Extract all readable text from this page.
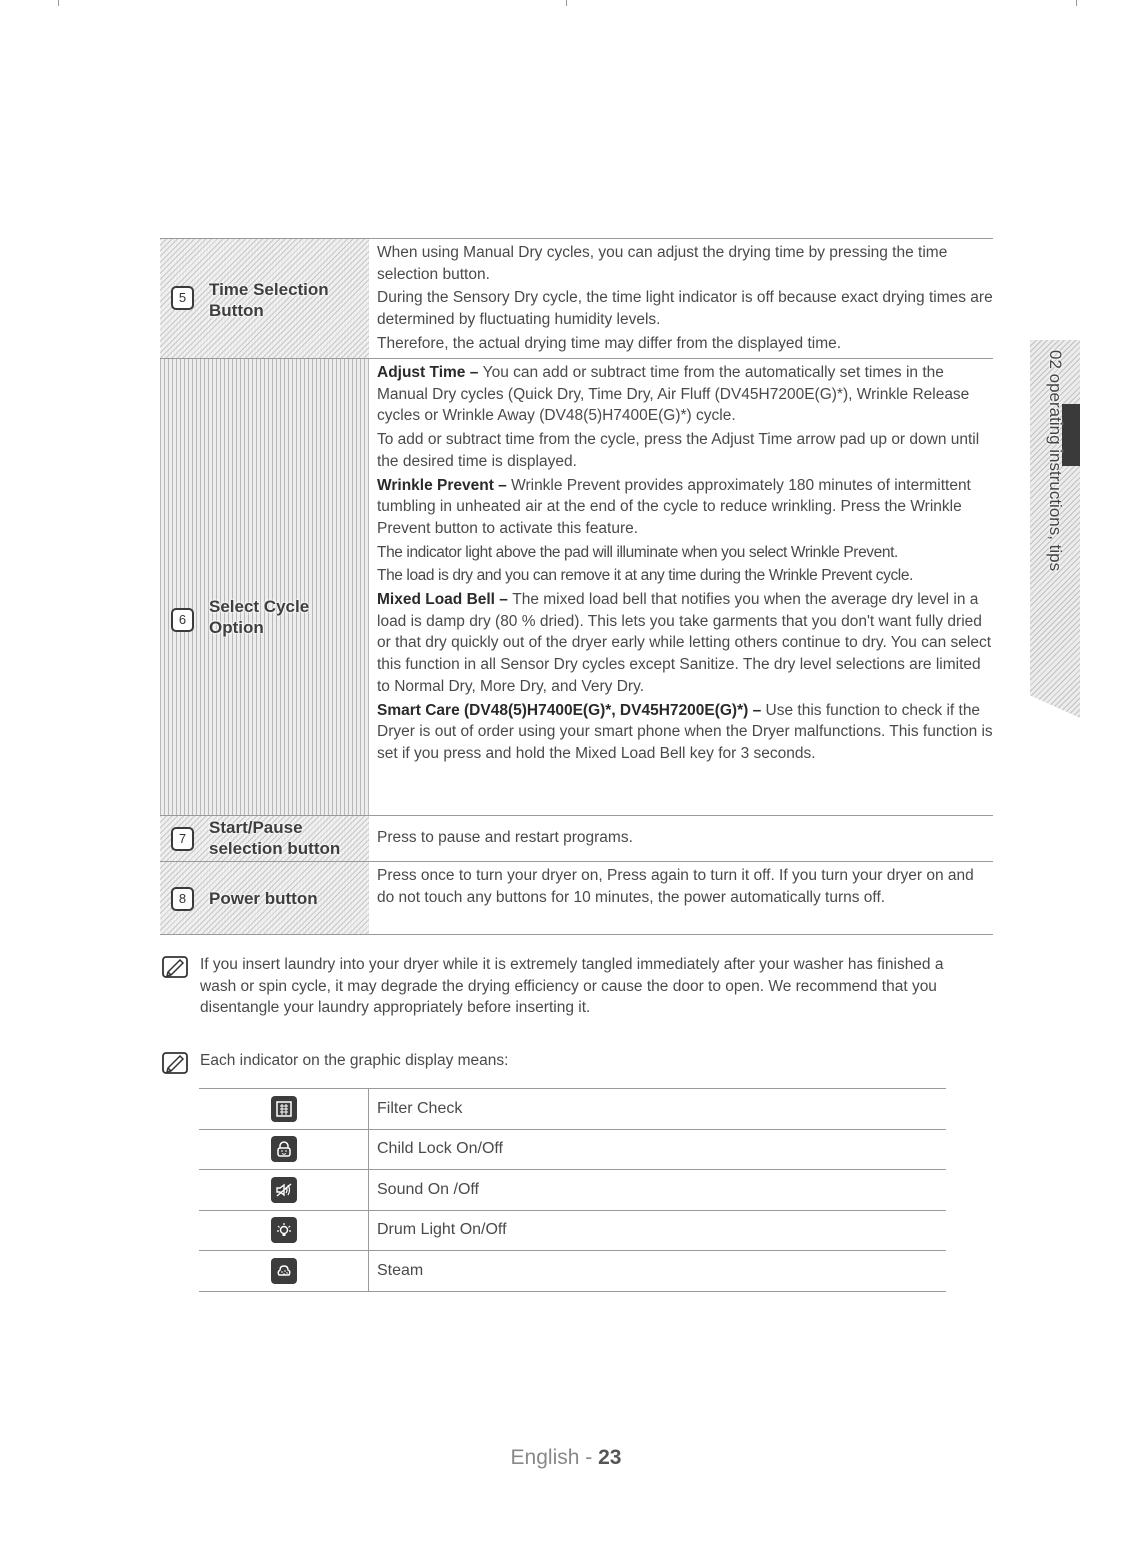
5	Time Selection
Button

When using Manual Dry cycles, you can adjust the drying time by pressing the time selection button.

During the Sensory Dry cycle, the time light indicator is off because exact drying times are determined by fluctuating humidity levels.

Therefore, the actual drying time may differ from the displayed time.

6
Select Cycle
Option

Adjust Time – You can add or subtract time from the automatically set times in the Manual Dry cycles (Quick Dry, Time Dry, Air Fluff (DV45H7200E(G)*), Wrinkle Release cycles or Wrinkle Away (DV48(5)H7400E(G)*) cycle.

To add or subtract time from the cycle, press the Adjust Time arrow pad up or down until the desired time is displayed.

Wrinkle Prevent – Wrinkle Prevent provides approximately 180 minutes of intermittent tumbling in unheated air at the end of the cycle to reduce wrinkling. Press the Wrinkle Prevent button to activate this feature.

The indicator light above the pad will illuminate when you select Wrinkle Prevent.

The load is dry and you can remove it at any time during the Wrinkle Prevent cycle.

Mixed Load Bell – The mixed load bell that notifies you when the average dry level in a load is damp dry (80 % dried). This lets you take garments that you don't want fully dried or that dry quickly out of the dryer early while letting others continue to dry. You can select this function in all Sensor Dry cycles except Sanitize. The dry level selections are limited to Normal Dry, More Dry, and Very Dry.

Smart Care (DV48(5)H7400E(G)*, DV45H7200E(G)*) – Use this function to check if the Dryer is out of order using your smart phone when the Dryer malfunctions. This function is set if you press and hold the Mixed Load Bell key for 3 seconds.

7
Start/Pause
selection button

Press to pause and restart programs.

8	Power button

Press once to turn your dryer on, Press again to turn it off. If you turn your dryer on and do not touch any buttons for 10 minutes, the power automatically turns off.

If you insert laundry into your dryer while it is extremely tangled immediately after your washer has finished a wash or spin cycle, it may degrade the drying efficiency or cause the door to open. We recommend that you disentangle your laundry appropriately before inserting it.
Each indicator on the graphic display means:
Filter Check
Child Lock On/Off
Sound On /Off
Drum Light On/Off
Steam
02 operating instructions, tips
English - 23
